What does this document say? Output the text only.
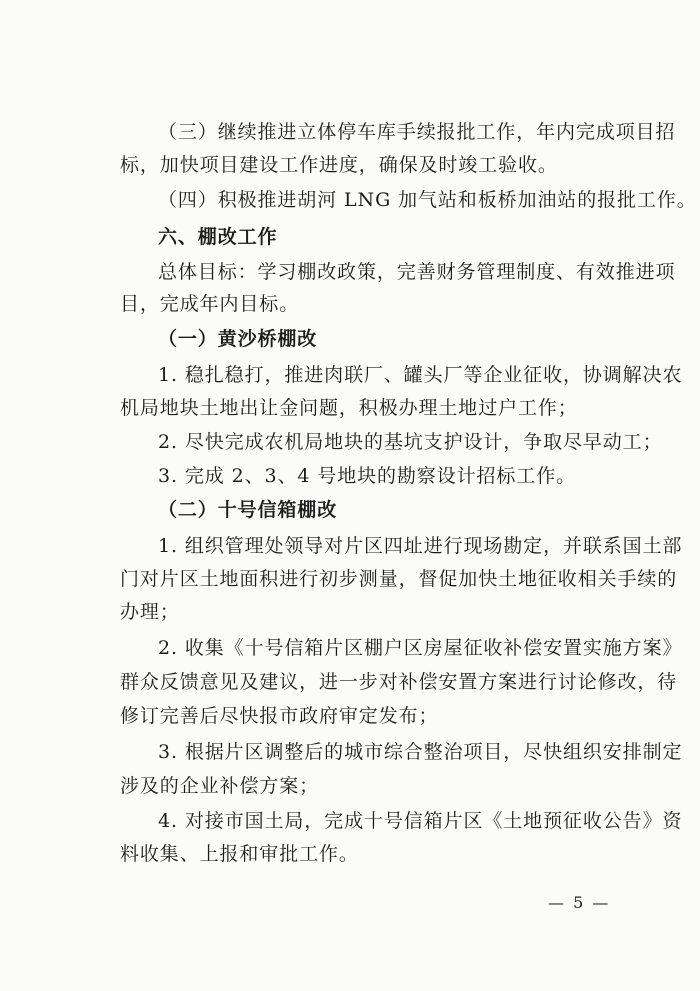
（三）继续推进立体停车库手续报批工作，年内完成项目招
标，加快项目建设工作进度，确保及时竣工验收。
（四）积极推进胡河 LNG 加气站和板桥加油站的报批工作。
六、棚改工作
总体目标：学习棚改政策，完善财务管理制度、有效推进项
目，完成年内目标。
（一）黄沙桥棚改
1. 稳扎稳打，推进肉联厂、罐头厂等企业征收，协调解决农
机局地块土地出让金问题，积极办理土地过户工作；
2. 尽快完成农机局地块的基坑支护设计，争取尽早动工；
3. 完成 2、3、4 号地块的勘察设计招标工作。
（二）十号信箱棚改
1. 组织管理处领导对片区四址进行现场勘定，并联系国土部
门对片区土地面积进行初步测量，督促加快土地征收相关手续的
办理；
2. 收集《十号信箱片区棚户区房屋征收补偿安置实施方案》
群众反馈意见及建议，进一步对补偿安置方案进行讨论修改，待
修订完善后尽快报市政府审定发布；
3. 根据片区调整后的城市综合整治项目，尽快组织安排制定
涉及的企业补偿方案；
4. 对接市国土局，完成十号信箱片区《土地预征收公告》资
料收集、上报和审批工作。
— 5 —
